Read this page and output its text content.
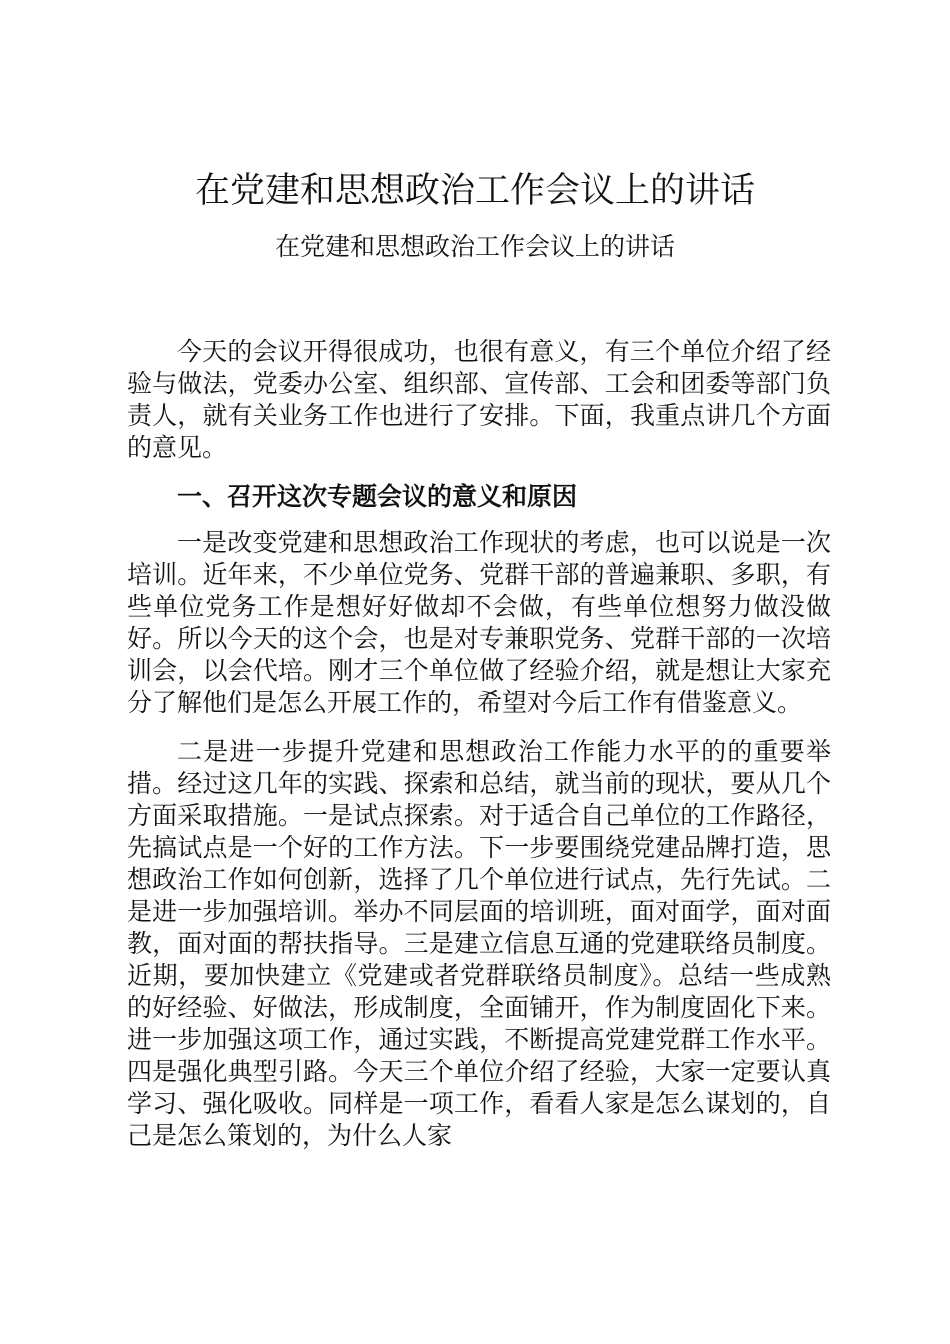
在党建和思想政治工作会议上的讲话
在党建和思想政治工作会议上的讲话

今天的会议开得很成功，也很有意义，有三个单位介绍了经验与做法，党委办公室、组织部、宣传部、工会和团委等部门负责人，就有关业务工作也进行了安排。下面，我重点讲几个方面的意见。

一、召开这次专题会议的意义和原因

一是改变党建和思想政治工作现状的考虑，也可以说是一次培训。近年来，不少单位党务、党群干部的普遍兼职、多职，有些单位党务工作是想好好做却不会做，有些单位想努力做没做好。所以今天的这个会，也是对专兼职党务、党群干部的一次培训会，以会代培。刚才三个单位做了经验介绍，就是想让大家充分了解他们是怎么开展工作的，希望对今后工作有借鉴意义。

二是进一步提升党建和思想政治工作能力水平的的重要举措。经过这几年的实践、探索和总结，就当前的现状，要从几个方面采取措施。一是试点探索。对于适合自己单位的工作路径，先搞试点是一个好的工作方法。下一步要围绕党建品牌打造，思想政治工作如何创新，选择了几个单位进行试点，先行先试。二是进一步加强培训。举办不同层面的培训班，面对面学，面对面教，面对面的帮扶指导。三是建立信息互通的党建联络员制度。近期，要加快建立《党建或者党群联络员制度》。总结一些成熟的好经验、好做法，形成制度，全面铺开，作为制度固化下来。进一步加强这项工作，通过实践，不断提高党建党群工作水平。四是强化典型引路。今天三个单位介绍了经验，大家一定要认真学习、强化吸收。同样是一项工作，看看人家是怎么谋划的，自己是怎么策划的，为什么人家
